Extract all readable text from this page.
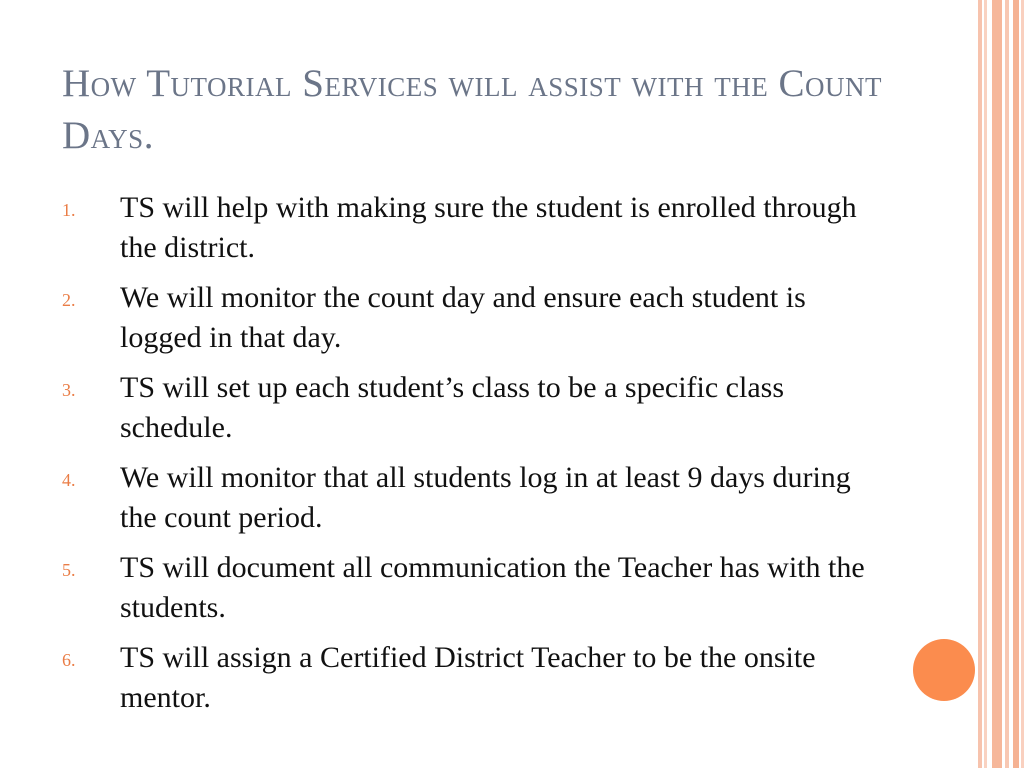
How Tutorial Services will assist with the Count Days.
1. TS will help with making sure the student is enrolled through the district.
2. We will monitor the count day and ensure each student is logged in that day.
3. TS will set up each student’s class to be a specific class schedule.
4. We will monitor that all students log in at least 9 days during the count period.
5. TS will document all communication the Teacher has with the students.
6. TS will assign a Certified District Teacher to be the onsite mentor.
